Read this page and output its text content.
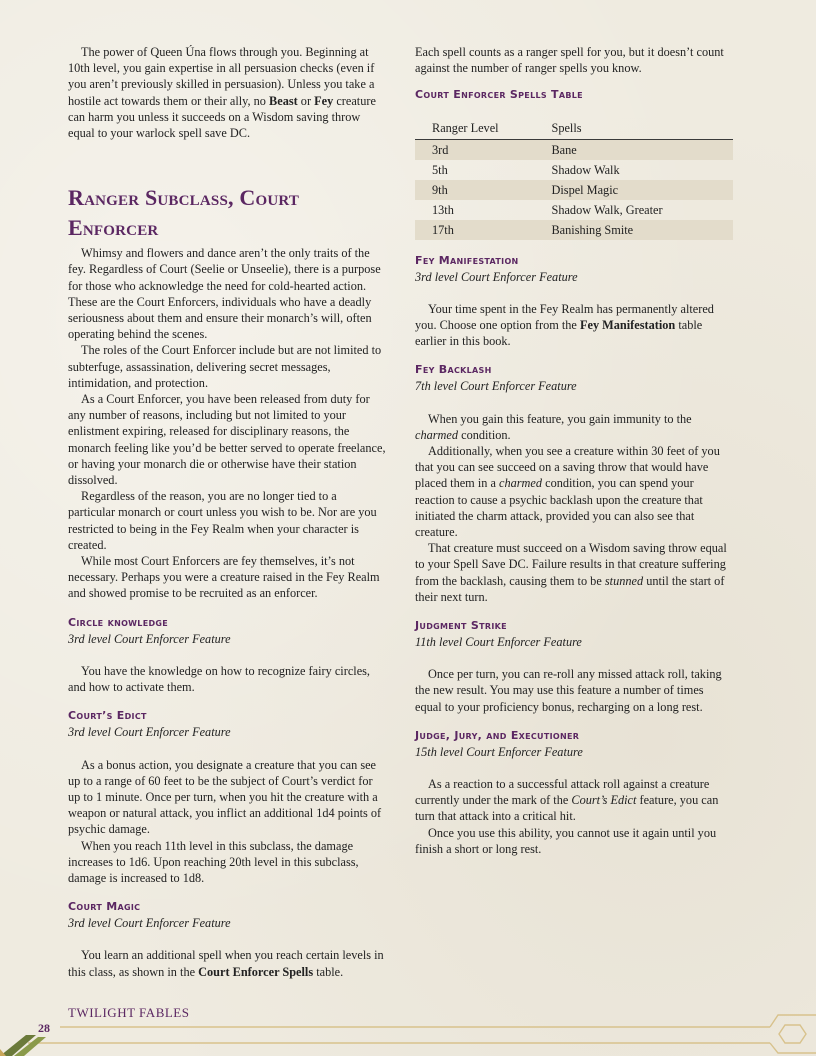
The power of Queen Úna flows through you. Beginning at 10th level, you gain expertise in all persuasion checks (even if you aren’t previously skilled in persuasion). Unless you take a hostile act towards them or their ally, no Beast or Fey creature can harm you unless it succeeds on a Wisdom saving throw equal to your warlock spell save DC.

Ranger Subclass, Court Enforcer

Whimsy and flowers and dance aren’t the only traits of the fey. Regardless of Court (Seelie or Unseelie), there is a purpose for those who acknowledge the need for cold-hearted action. These are the Court Enforcers, individuals who have a deadly seriousness about them and ensure their monarch’s will, often operating behind the scenes.

The roles of the Court Enforcer include but are not limited to subterfuge, assassination, delivering secret messages, intimidation, and protection.

As a Court Enforcer, you have been released from duty for any number of reasons, including but not limited to your enlistment expiring, released for disciplinary reasons, the monarch feeling like you’d be better served to operate freelance, or having your monarch die or otherwise have their station dissolved.

Regardless of the reason, you are no longer tied to a particular monarch or court unless you wish to be. Nor are you restricted to being in the Fey Realm when your character is created.

While most Court Enforcers are fey themselves, it’s not necessary. Perhaps you were a creature raised in the Fey Realm and showed promise to be recruited as an enforcer.

Circle knowledge
3rd level Court Enforcer Feature

You have the knowledge on how to recognize fairy circles, and how to activate them.

Court’s Edict
3rd level Court Enforcer Feature

As a bonus action, you designate a creature that you can see up to a range of 60 feet to be the subject of Court’s verdict for up to 1 minute. Once per turn, when you hit the creature with a weapon or natural attack, you inflict an additional 1d4 points of psychic damage.

When you reach 11th level in this subclass, the damage increases to 1d6. Upon reaching 20th level in this subclass, damage is increased to 1d8.

Court Magic
3rd level Court Enforcer Feature

You learn an additional spell when you reach certain levels in this class, as shown in the Court Enforcer Spells table.

Each spell counts as a ranger spell for you, but it doesn’t count against the number of ranger spells you know.

Court Enforcer Spells Table
Ranger Level	Spells
3rd	Bane
5th	Shadow Walk
9th	Dispel Magic
13th	Shadow Walk, Greater
17th	Banishing Smite
Fey Manifestation
3rd level Court Enforcer Feature

Your time spent in the Fey Realm has permanently altered you. Choose one option from the Fey Manifestation table earlier in this book.

Fey Backlash
7th level Court Enforcer Feature

When you gain this feature, you gain immunity to the charmed condition.

Additionally, when you see a creature within 30 feet of you that you can see succeed on a saving throw that would have placed them in a charmed condition, you can spend your reaction to cause a psychic backlash upon the creature that initiated the charm attack, provided you can also see that creature.

That creature must succeed on a Wisdom saving throw equal to your Spell Save DC. Failure results in that creature suffering from the backlash, causing them to be stunned until the start of their next turn.

Judgment Strike
11th level Court Enforcer Feature

Once per turn, you can re-roll any missed attack roll, taking the new result. You may use this feature a number of times equal to your proficiency bonus, recharging on a long rest.

Judge, Jury, and Executioner
15th level Court Enforcer Feature

As a reaction to a successful attack roll against a creature currently under the mark of the Court’s Edict feature, you can turn that attack into a critical hit.

Once you use this ability, you cannot use it again until you finish a short or long rest.

TWILIGHT FABLES
28
